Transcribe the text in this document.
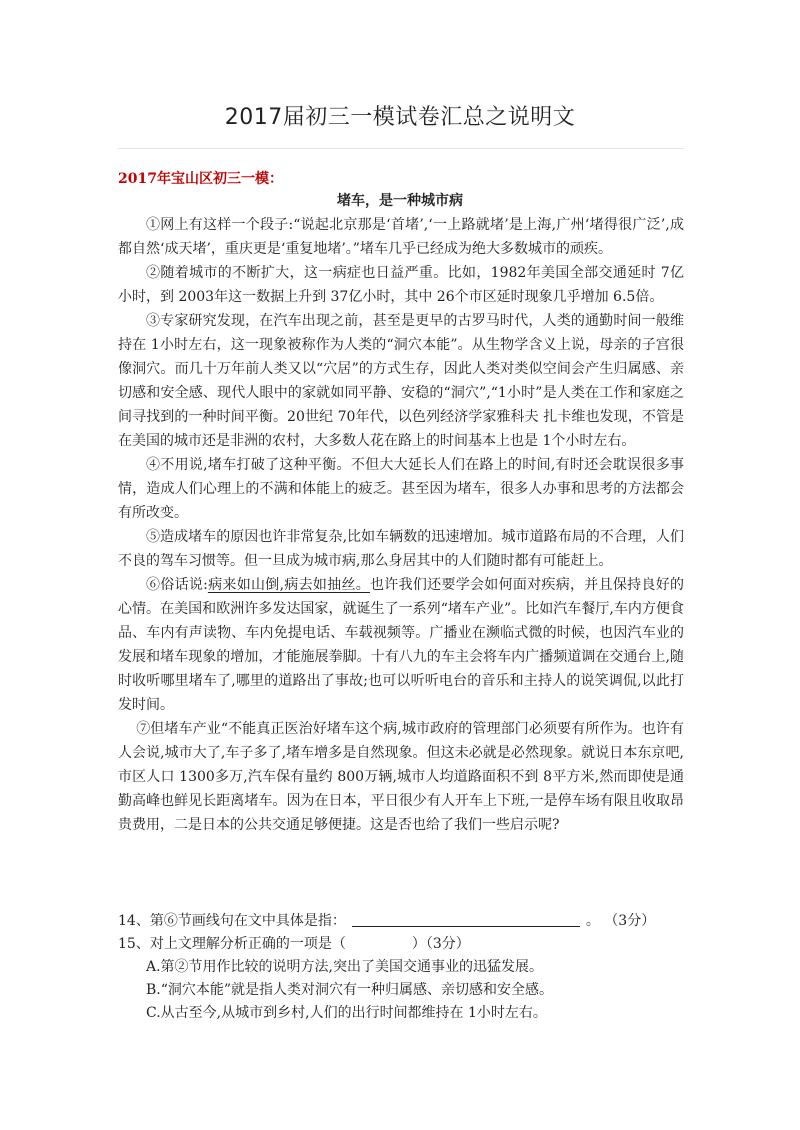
2017届初三一模试卷汇总之说明文
2017年宝山区初三一模：
堵车，是一种城市病

①网上有这样一个段子:“说起北京那是‘首堵’,‘一上路就堵’是上海,广州‘堵得很广泛’,成都自然‘成天堵’，重庆更是‘重复地堵’。”堵车几乎已经成为绝大多数城市的顽疾。

②随着城市的不断扩大，这一病症也日益严重。比如，1982年美国全部交通延时 7亿小时，到 2003年这一数据上升到 37亿小时，其中 26个市区延时现象几乎增加 6.5倍。

③专家研究发现，在汽车出现之前，甚至是更早的古罗马时代，人类的通勤时间一般维持在 1小时左右，这一现象被称作为人类的“洞穴本能”。从生物学含义上说，母亲的子宫很像洞穴。而几十万年前人类又以“穴居”的方式生存，因此人类对类似空间会产生归属感、亲切感和安全感、现代人眼中的家就如同平静、安稳的“洞穴”,“1小时”是人类在工作和家庭之间寻找到的一种时间平衡。20世纪 70年代，以色列经济学家雅科夫 扎卡维也发现，不管是在美国的城市还是非洲的农村，大多数人花在路上的时间基本上也是 1个小时左右。

④不用说,堵车打破了这种平衡。不但大大延长人们在路上的时间,有时还会耽误很多事情，造成人们心理上的不满和体能上的疲乏。甚至因为堵车，很多人办事和思考的方法都会有所改变。

⑤造成堵车的原因也许非常复杂,比如车辆数的迅速增加。城市道路布局的不合理，人们不良的驾车习惯等。但一旦成为城市病,那么身居其中的人们随时都有可能赶上。

⑥俗话说:病来如山倒,病去如抽丝。也许我们还要学会如何面对疾病，并且保持良好的心情。在美国和欧洲许多发达国家，就诞生了一系列“堵车产业”。比如汽车餐厅,车内方便食品、车内有声读物、车内免提电话、车载视频等。广播业在濒临式微的时候，也因汽车业的发展和堵车现象的增加，才能施展拳脚。十有八九的车主会将车内广播频道调在交通台上,随时收听哪里堵车了,哪里的道路出了事故;也可以听听电台的音乐和主持人的说笑调侃,以此打发时间。

⑦但堵车产业“不能真正医治好堵车这个病,城市政府的管理部门必须要有所作为。也许有人会说,城市大了,车子多了,堵车增多是自然现象。但这未必就是必然现象。就说日本东京吧,市区人口 1300多万,汽车保有量约 800万辆,城市人均道路面积不到 8平方米,然而即使是通勤高峰也鲜见长距离堵车。因为在日本，平日很少有人开车上下班,一是停车场有限且收取昂贵费用，二是日本的公共交通足够便捷。这是否也给了我们一些启示呢?

14、第⑥节画线句在文中具体是指：	。 （3分）

15、对上文理解分析正确的一项是（	）（3分）

A.第②节用作比较的说明方法,突出了美国交通事业的迅猛发展。

B.“洞穴本能”就是指人类对洞穴有一种归属感、亲切感和安全感。

C.从古至今,从城市到乡村,人们的出行时间都维持在 1小时左右。
